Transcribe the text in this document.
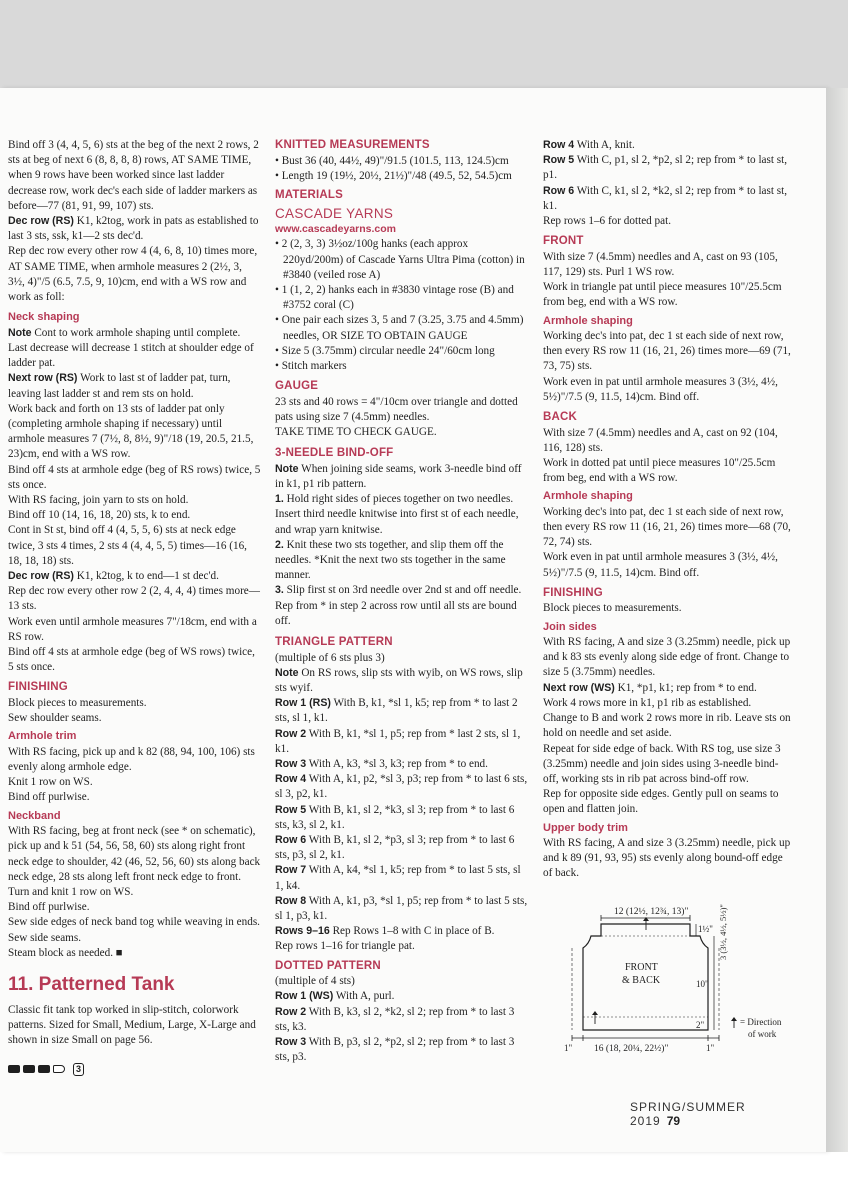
Bind off 3 (4, 4, 5, 6) sts at the beg of the next 2 rows, 2 sts at beg of next 6 (8, 8, 8, 8) rows, AT SAME TIME, when 9 rows have been worked since last ladder decrease row, work dec's each side of ladder markers as before—77 (81, 91, 99, 107) sts.

Dec row (RS) K1, k2tog, work in pats as established to last 3 sts, ssk, k1—2 sts dec'd.

Rep dec row every other row 4 (4, 6, 8, 10) times more, AT SAME TIME, when armhole measures 2 (2½, 3, 3½, 4)"/5 (6.5, 7.5, 9, 10)cm, end with a WS row and work as foll:

Neck shaping

Note Cont to work armhole shaping until complete. Last decrease will decrease 1 stitch at shoulder edge of ladder pat.

Next row (RS) Work to last st of ladder pat, turn, leaving last ladder st and rem sts on hold.

Work back and forth on 13 sts of ladder pat only (completing armhole shaping if necessary) until armhole measures 7 (7½, 8, 8½, 9)"/18 (19, 20.5, 21.5, 23)cm, end with a WS row.

Bind off 4 sts at armhole edge (beg of RS rows) twice, 5 sts once.

With RS facing, join yarn to sts on hold.

Bind off 10 (14, 16, 18, 20) sts, k to end.

Cont in St st, bind off 4 (4, 5, 5, 6) sts at neck edge twice, 3 sts 4 times, 2 sts 4 (4, 4, 5, 5) times—16 (16, 18, 18, 18) sts.

Dec row (RS) K1, k2tog, k to end—1 st dec'd.

Rep dec row every other row 2 (2, 4, 4, 4) times more—13 sts.

Work even until armhole measures 7"/18cm, end with a RS row.

Bind off 4 sts at armhole edge (beg of WS rows) twice, 5 sts once.

FINISHING

Block pieces to measurements.

Sew shoulder seams.

Armhole trim

With RS facing, pick up and k 82 (88, 94, 100, 106) sts evenly along armhole edge.

Knit 1 row on WS.

Bind off purlwise.

Neckband

With RS facing, beg at front neck (see * on schematic), pick up and k 51 (54, 56, 58, 60) sts along right front neck edge to shoulder, 42 (46, 52, 56, 60) sts along back neck edge, 28 sts along left front neck edge to front. Turn and knit 1 row on WS.

Bind off purlwise.

Sew side edges of neck band tog while weaving in ends. Sew side seams.

Steam block as needed. ■

11. Patterned Tank

Classic fit tank top worked in slip-stitch, colorwork patterns. Sized for Small, Medium, Large, X-Large and shown in size Small on page 56.

3
KNITTED MEASUREMENTS

• Bust 36 (40, 44½, 49)"/91.5 (101.5, 113, 124.5)cm

• Length 19 (19½, 20½, 21½)"/48 (49.5, 52, 54.5)cm

MATERIALS
CASCADE YARNS
www.cascadeyarns.com

• 2 (2, 3, 3) 3½oz/100g hanks (each approx 220yd/200m) of Cascade Yarns Ultra Pima (cotton) in #3840 (veiled rose A)

• 1 (1, 2, 2) hanks each in #3830 vintage rose (B) and #3752 coral (C)

• One pair each sizes 3, 5 and 7 (3.25, 3.75 and 4.5mm) needles, OR SIZE TO OBTAIN GAUGE

• Size 5 (3.75mm) circular needle 24"/60cm long

• Stitch markers

GAUGE

23 sts and 40 rows = 4"/10cm over triangle and dotted pats using size 7 (4.5mm) needles.

TAKE TIME TO CHECK GAUGE.

3-NEEDLE BIND-OFF

Note When joining side seams, work 3-needle bind off in k1, p1 rib pattern.

1. Hold right sides of pieces together on two needles. Insert third needle knitwise into first st of each needle, and wrap yarn knitwise.

2. Knit these two sts together, and slip them off the needles. *Knit the next two sts together in the same manner.

3. Slip first st on 3rd needle over 2nd st and off needle. Rep from * in step 2 across row until all sts are bound off.

TRIANGLE PATTERN

(multiple of 6 sts plus 3)

Note On RS rows, slip sts with wyib, on WS rows, slip sts wyif.

Row 1 (RS) With B, k1, *sl 1, k5; rep from * to last 2 sts, sl 1, k1.

Row 2 With B, k1, *sl 1, p5; rep from * last 2 sts, sl 1, k1.

Row 3 With A, k3, *sl 3, k3; rep from * to end.

Row 4 With A, k1, p2, *sl 3, p3; rep from * to last 6 sts, sl 3, p2, k1.

Row 5 With B, k1, sl 2, *k3, sl 3; rep from * to last 6 sts, k3, sl 2, k1.

Row 6 With B, k1, sl 2, *p3, sl 3; rep from * to last 6 sts, p3, sl 2, k1.

Row 7 With A, k4, *sl 1, k5; rep from * to last 5 sts, sl 1, k4.

Row 8 With A, k1, p3, *sl 1, p5; rep from * to last 5 sts, sl 1, p3, k1.

Rows 9–16 Rep Rows 1–8 with C in place of B.

Rep rows 1–16 for triangle pat.

DOTTED PATTERN

(multiple of 4 sts)

Row 1 (WS) With A, purl.

Row 2 With B, k3, sl 2, *k2, sl 2; rep from * to last 3 sts, k3.

Row 3 With B, p3, sl 2, *p2, sl 2; rep from * to last 3 sts, p3.

Row 4 With A, knit.

Row 5 With C, p1, sl 2, *p2, sl 2; rep from * to last st, p1.

Row 6 With C, k1, sl 2, *k2, sl 2; rep from * to last st, k1.

Rep rows 1–6 for dotted pat.

FRONT

With size 7 (4.5mm) needles and A, cast on 93 (105, 117, 129) sts. Purl 1 WS row.

Work in triangle pat until piece measures 10"/25.5cm from beg, end with a WS row.

Armhole shaping

Working dec's into pat, dec 1 st each side of next row, then every RS row 11 (16, 21, 26) times more—69 (71, 73, 75) sts.

Work even in pat until armhole measures 3 (3½, 4½, 5½)"/7.5 (9, 11.5, 14)cm. Bind off.

BACK

With size 7 (4.5mm) needles and A, cast on 92 (104, 116, 128) sts.

Work in dotted pat until piece measures 10"/25.5cm from beg, end with a WS row.

Armhole shaping

Working dec's into pat, dec 1 st each side of next row, then every RS row 11 (16, 21, 26) times more—68 (70, 72, 74) sts.

Work even in pat until armhole measures 3 (3½, 4½, 5½)"/7.5 (9, 11.5, 14)cm. Bind off.

FINISHING

Block pieces to measurements.

Join sides

With RS facing, A and size 3 (3.25mm) needle, pick up and k 83 sts evenly along side edge of front. Change to size 5 (3.75mm) needles.

Next row (WS) K1, *p1, k1; rep from * to end.

Work 4 rows more in k1, p1 rib as established.

Change to B and work 2 rows more in rib. Leave sts on hold on needle and set aside.

Repeat for side edge of back. With RS tog, use size 3 (3.25mm) needle and join sides using 3-needle bind-off, working sts in rib pat across bind-off row.

Rep for opposite side edges. Gently pull on seams to open and flatten join.

Upper body trim

With RS facing, A and size 3 (3.25mm) needle, pick up and k 89 (91, 93, 95) sts evenly along bound-off edge of back.

12 (12½, 12¾, 13)"
FRONT
& BACK
1½" 3 (3½, 4½, 5½)"
10"
2"
1" 16 (18, 20¼, 22½)"	1"
= Direction
of work
SPRING/SUMMER 2019 79
